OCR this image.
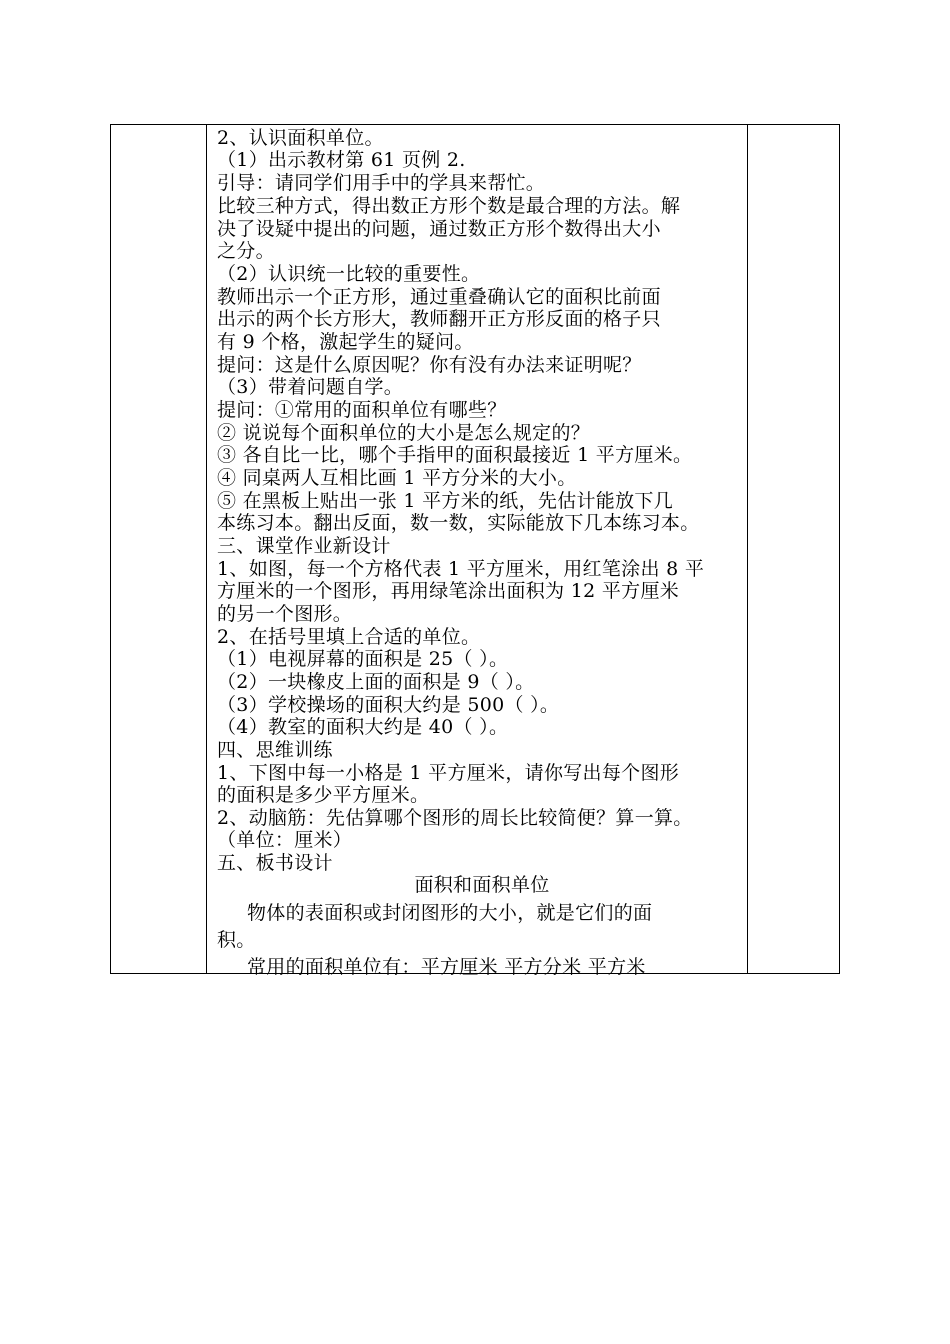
2、认识面积单位。
（1）出示教材第 61 页例 2.
引导：请同学们用手中的学具来帮忙。
比较三种方式，得出数正方形个数是最合理的方法。解
决了设疑中提出的问题，通过数正方形个数得出大小
之分。
（2）认识统一比较的重要性。
教师出示一个正方形，通过重叠确认它的面积比前面
出示的两个长方形大，教师翻开正方形反面的格子只
有 9 个格，激起学生的疑问。
提问：这是什么原因呢？你有没有办法来证明呢？
（3）带着问题自学。
提问：①常用的面积单位有哪些？
② 说说每个面积单位的大小是怎么规定的？
③ 各自比一比，哪个手指甲的面积最接近 1 平方厘米。
④ 同桌两人互相比画 1 平方分米的大小。
⑤ 在黑板上贴出一张 1 平方米的纸，先估计能放下几
本练习本。翻出反面，数一数，实际能放下几本练习本。
三、课堂作业新设计
1、如图，每一个方格代表 1 平方厘米，用红笔涂出 8 平
方厘米的一个图形，再用绿笔涂出面积为 12 平方厘米
的另一个图形。
2、在括号里填上合适的单位。
（1）电视屏幕的面积是 25（ ）。
（2）一块橡皮上面的面积是 9（ ）。
（3）学校操场的面积大约是 500（ ）。
（4）教室的面积大约是 40（ ）。
四、思维训练
1、下图中每一小格是 1 平方厘米，请你写出每个图形
的面积是多少平方厘米。
2、动脑筋：先估算哪个图形的周长比较简便？算一算。
（单位：厘米）
五、板书设计
面积和面积单位
物体的表面积或封闭图形的大小，就是它们的面
积。
常用的面积单位有：平方厘米 平方分米 平方米
